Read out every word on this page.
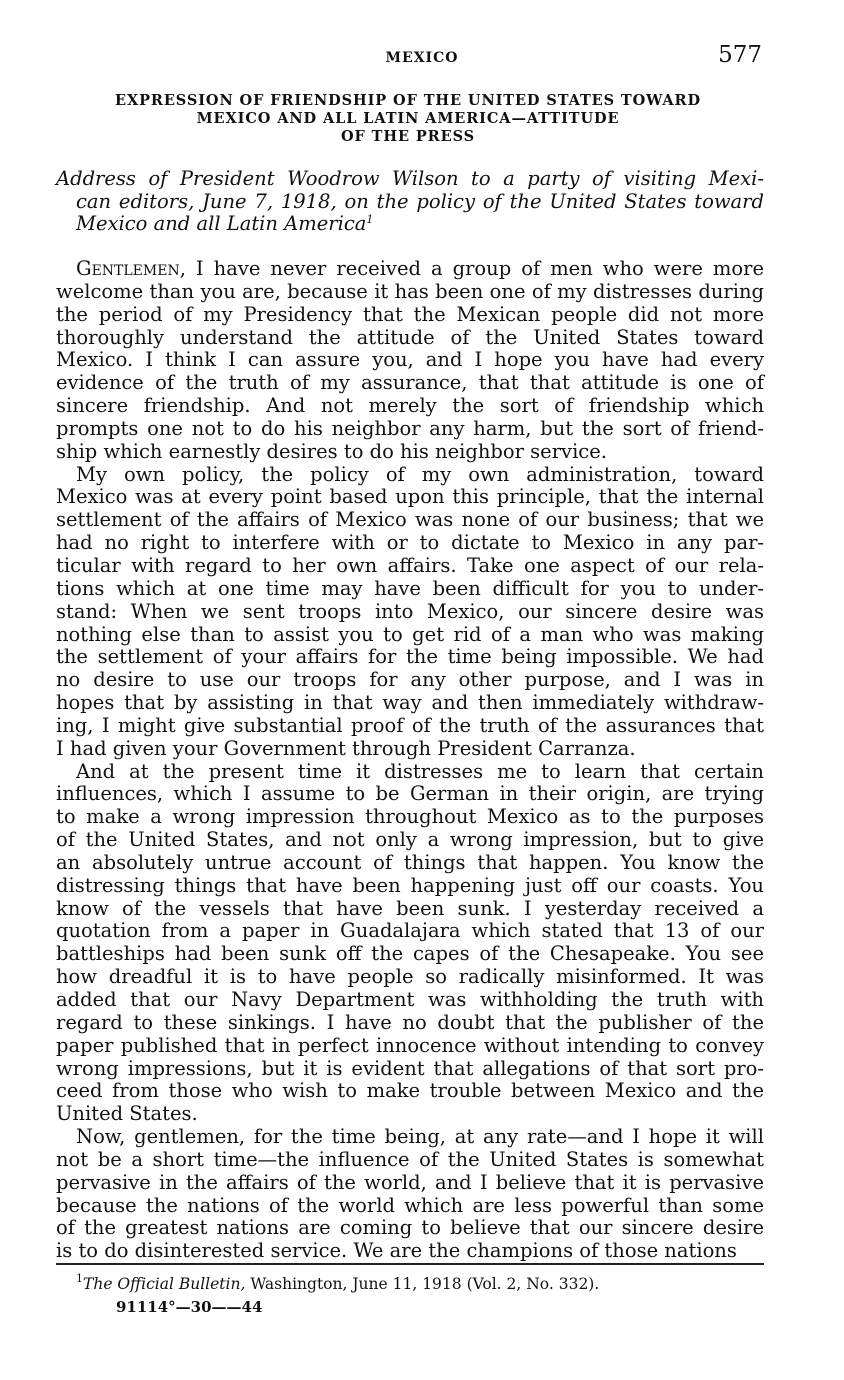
MEXICO	577
EXPRESSION OF FRIENDSHIP OF THE UNITED STATES TOWARD
MEXICO AND ALL LATIN AMERICA—ATTITUDE
OF THE PRESS
Address of President Woodrow Wilson to a party of visiting Mexi-
can editors, June 7, 1918, on the policy of the United States toward
Mexico and all Latin America$^1$
Gentlemen, I have never received a group of men who were more
welcome than you are, because it has been one of my distresses during
the period of my Presidency that the Mexican people did not more
thoroughly understand the attitude of the United States toward
Mexico. I think I can assure you, and I hope you have had every
evidence of the truth of my assurance, that that attitude is one of
sincere friendship. And not merely the sort of friendship which
prompts one not to do his neighbor any harm, but the sort of friend-
ship which earnestly desires to do his neighbor service.
My own policy, the policy of my own administration, toward
Mexico was at every point based upon this principle, that the internal
settlement of the affairs of Mexico was none of our business; that we
had no right to interfere with or to dictate to Mexico in any par-
ticular with regard to her own affairs. Take one aspect of our rela-
tions which at one time may have been difficult for you to under-
stand: When we sent troops into Mexico, our sincere desire was
nothing else than to assist you to get rid of a man who was making
the settlement of your affairs for the time being impossible. We had
no desire to use our troops for any other purpose, and I was in
hopes that by assisting in that way and then immediately withdraw-
ing, I might give substantial proof of the truth of the assurances that
I had given your Government through President Carranza.
And at the present time it distresses me to learn that certain
influences, which I assume to be German in their origin, are trying
to make a wrong impression throughout Mexico as to the purposes
of the United States, and not only a wrong impression, but to give
an absolutely untrue account of things that happen. You know the
distressing things that have been happening just off our coasts. You
know of the vessels that have been sunk. I yesterday received a
quotation from a paper in Guadalajara which stated that 13 of our
battleships had been sunk off the capes of the Chesapeake. You see
how dreadful it is to have people so radically misinformed. It was
added that our Navy Department was withholding the truth with
regard to these sinkings. I have no doubt that the publisher of the
paper published that in perfect innocence without intending to convey
wrong impressions, but it is evident that allegations of that sort pro-
ceed from those who wish to make trouble between Mexico and the
United States.
Now, gentlemen, for the time being, at any rate—and I hope it will
not be a short time—the influence of the United States is somewhat
pervasive in the affairs of the world, and I believe that it is pervasive
because the nations of the world which are less powerful than some
of the greatest nations are coming to believe that our sincere desire
is to do disinterested service. We are the champions of those nations
$^1$The Official Bulletin, Washington, June 11, 1918 (Vol. 2, No. 332).
91114°—30——44
